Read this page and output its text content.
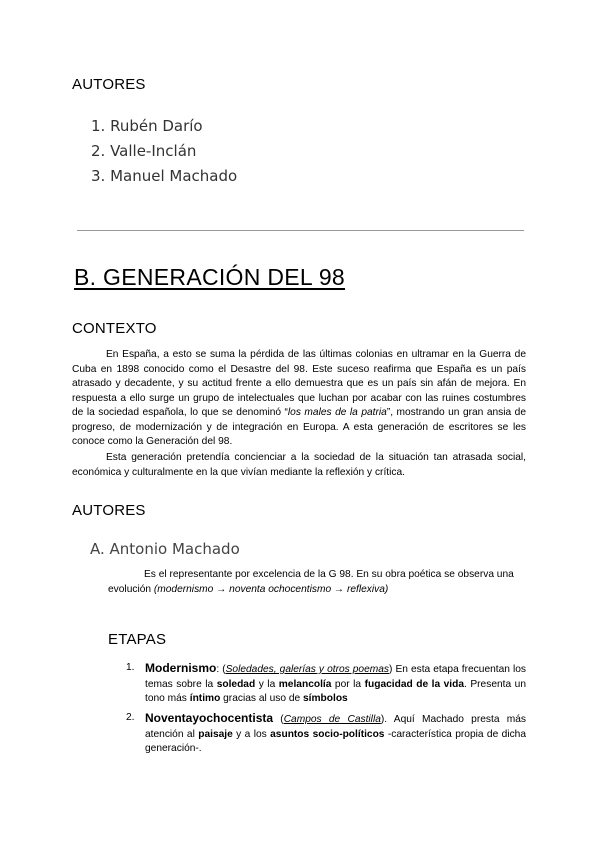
AUTORES
1. Rubén Darío
2. Valle-Inclán
3. Manuel Machado
B. GENERACIÓN DEL 98
CONTEXTO

En España, a esto se suma la pérdida de las últimas colonias en ultramar en la Guerra de Cuba en 1898 conocido como el Desastre del 98. Este suceso reafirma que España es un país atrasado y decadente, y su actitud frente a ello demuestra que es un país sin afán de mejora. En respuesta a ello surge un grupo de intelectuales que luchan por acabar con las ruines costumbres de la sociedad española, lo que se denominó “los males de la patria”, mostrando un gran ansia de progreso, de modernización y de integración en Europa. A esta generación de escritores se les conoce como la Generación del 98.

Esta generación pretendía concienciar a la sociedad de la situación tan atrasada social, económica y culturalmente en la que vivían mediante la reflexión y crítica.

AUTORES
A. Antonio Machado

Es el representante por excelencia de la G 98. En su obra poética se observa una evolución (modernismo → noventa ochocentismo → reflexiva)

ETAPAS
1. Modernismo: (Soledades, galerías y otros poemas) En esta etapa frecuentan los temas sobre la soledad y la melancolía por la fugacidad de la vida. Presenta un tono más íntimo gracias al uso de símbolos
2. Noventayochocentista (Campos de Castilla). Aquí Machado presta más atención al paisaje y a los asuntos socio-políticos -característica propia de dicha generación-.
